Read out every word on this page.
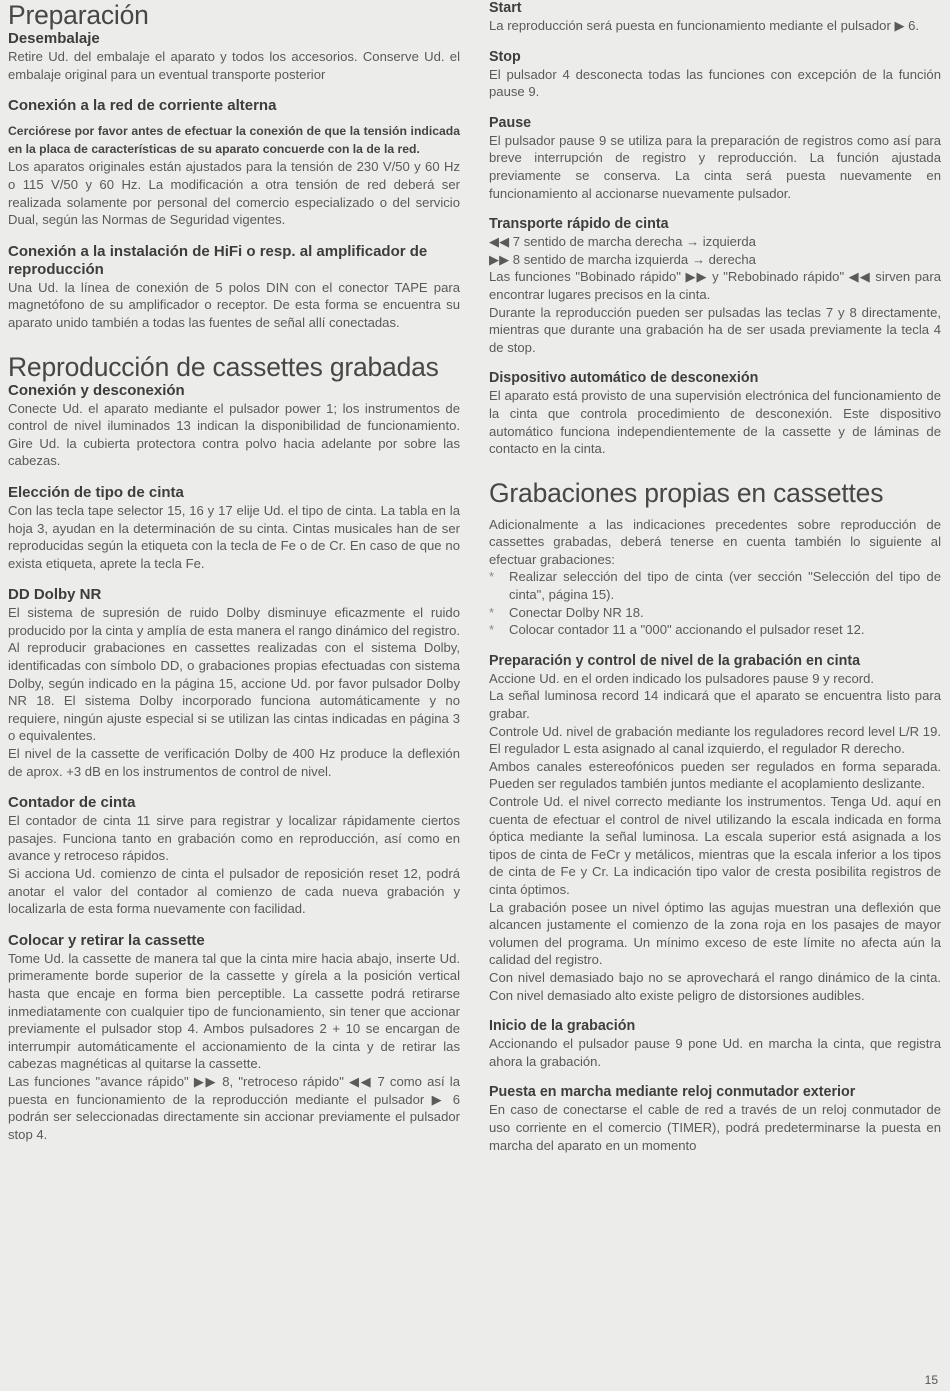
Preparación
Desembalaje

Retire Ud. del embalaje el aparato y todos los accesorios. Conserve Ud. el embalaje original para un eventual transporte posterior

Conexión a la red de corriente alterna

Cerciórese por favor antes de efectuar la conexión de que la tensión indicada en la placa de características de su aparato concuerde con la de la red.

Los aparatos originales están ajustados para la tensión de 230 V/50 y 60 Hz o 115 V/50 y 60 Hz. La modificación a otra tensión de red deberá ser realizada solamente por personal del comercio especializado o del servicio Dual, según las Normas de Seguridad vigentes.

Conexión a la instalación de HiFi o resp. al amplificador de reproducción

Una Ud. la línea de conexión de 5 polos DIN con el conector TAPE para magnetófono de su amplificador o receptor. De esta forma se encuentra su aparato unido también a todas las fuentes de señal allí conectadas.

Reproducción de cassettes grabadas
Conexión y desconexión

Conecte Ud. el aparato mediante el pulsador power 1; los instrumentos de control de nivel iluminados 13 indican la disponibilidad de funcionamiento. Gire Ud. la cubierta protectora contra polvo hacia adelante por sobre las cabezas.

Elección de tipo de cinta

Con las tecla tape selector 15, 16 y 17 elije Ud. el tipo de cinta. La tabla en la hoja 3, ayudan en la determinación de su cinta. Cintas musicales han de ser reproducidas según la etiqueta con la tecla de Fe o de Cr. En caso de que no exista etiqueta, aprete la tecla Fe.

DD Dolby NR

El sistema de supresión de ruido Dolby disminuye eficazmente el ruido producido por la cinta y amplía de esta manera el rango dinámico del registro.

Al reproducir grabaciones en cassettes realizadas con el sistema Dolby, identificadas con símbolo DD, o grabaciones propias efectuadas con sistema Dolby, según indicado en la página 15, accione Ud. por favor pulsador Dolby NR 18. El sistema Dolby incorporado funciona automáticamente y no requiere, ningún ajuste especial si se utilizan las cintas indicadas en página 3 o equivalentes.

El nivel de la cassette de verificación Dolby de 400 Hz produce la deflexión de aprox. +3 dB en los instrumentos de control de nivel.

Contador de cinta

El contador de cinta 11 sirve para registrar y localizar rápidamente ciertos pasajes. Funciona tanto en grabación como en reproducción, así como en avance y retroceso rápidos.

Si acciona Ud. comienzo de cinta el pulsador de reposición reset 12, podrá anotar el valor del contador al comienzo de cada nueva grabación y localizarla de esta forma nuevamente con facilidad.

Colocar y retirar la cassette

Tome Ud. la cassette de manera tal que la cinta mire hacia abajo, inserte Ud. primeramente borde superior de la cassette y gírela a la posición vertical hasta que encaje en forma bien perceptible. La cassette podrá retirarse inmediatamente con cualquier tipo de funcionamiento, sin tener que accionar previamente el pulsador stop 4. Ambos pulsadores 2 + 10 se encargan de interrumpir automáticamente el accionamiento de la cinta y de retirar las cabezas magnéticas al quitarse la cassette.

Las funciones "avance rápido" ▶▶ 8, "retroceso rápido" ◀◀ 7 como así la puesta en funcionamiento de la reproducción mediante el pulsador ▶ 6 podrán ser seleccionadas directamente sin accionar previamente el pulsador stop 4.

Start

La reproducción será puesta en funcionamiento mediante el pulsador ▶ 6.

Stop

El pulsador 4 desconecta todas las funciones con excepción de la función pause 9.

Pause

El pulsador pause 9 se utiliza para la preparación de registros como así para breve interrupción de registro y reproducción. La función ajustada previamente se conserva. La cinta será puesta nuevamente en funcionamiento al accionarse nuevamente pulsador.

Transporte rápido de cinta

◀◀ 7 sentido de marcha derecha → izquierda

▶▶ 8 sentido de marcha izquierda → derecha

Las funciones "Bobinado rápido" ▶▶ y "Rebobinado rápido" ◀◀ sirven para encontrar lugares precisos en la cinta.

Durante la reproducción pueden ser pulsadas las teclas 7 y 8 directamente, mientras que durante una grabación ha de ser usada previamente la tecla 4 de stop.

Dispositivo automático de desconexión

El aparato está provisto de una supervisión electrónica del funcionamiento de la cinta que controla procedimiento de desconexión. Este dispositivo automático funciona independientemente de la cassette y de láminas de contacto en la cinta.

Grabaciones propias en cassettes

Adicionalmente a las indicaciones precedentes sobre reproducción de cassettes grabadas, deberá tenerse en cuenta también lo siguiente al efectuar grabaciones:

* Realizar selección del tipo de cinta (ver sección "Selección del tipo de cinta", página 15).
* Conectar Dolby NR 18.
* Colocar contador 11 a "000" accionando el pulsador reset 12.
Preparación y control de nivel de la grabación en cinta

Accione Ud. en el orden indicado los pulsadores pause 9 y record.

La señal luminosa record 14 indicará que el aparato se encuentra listo para grabar.

Controle Ud. nivel de grabación mediante los reguladores record level L/R 19. El regulador L esta asignado al canal izquierdo, el regulador R derecho.

Ambos canales estereofónicos pueden ser regulados en forma separada. Pueden ser regulados también juntos mediante el acoplamiento deslizante.

Controle Ud. el nivel correcto mediante los instrumentos. Tenga Ud. aquí en cuenta de efectuar el control de nivel utilizando la escala indicada en forma óptica mediante la señal luminosa. La escala superior está asignada a los tipos de cinta de FeCr y metálicos, mientras que la escala inferior a los tipos de cinta de Fe y Cr. La indicación tipo valor de cresta posibilita registros de cinta óptimos.

La grabación posee un nivel óptimo las agujas muestran una deflexión que alcancen justamente el comienzo de la zona roja en los pasajes de mayor volumen del programa. Un mínimo exceso de este límite no afecta aún la calidad del registro.

Con nivel demasiado bajo no se aprovechará el rango dinámico de la cinta. Con nivel demasiado alto existe peligro de distorsiones audibles.

Inicio de la grabación

Accionando el pulsador pause 9 pone Ud. en marcha la cinta, que registra ahora la grabación.

Puesta en marcha mediante reloj conmutador exterior

En caso de conectarse el cable de red a través de un reloj conmutador de uso corriente en el comercio (TIMER), podrá predeterminarse la puesta en marcha del aparato en un momento

15
